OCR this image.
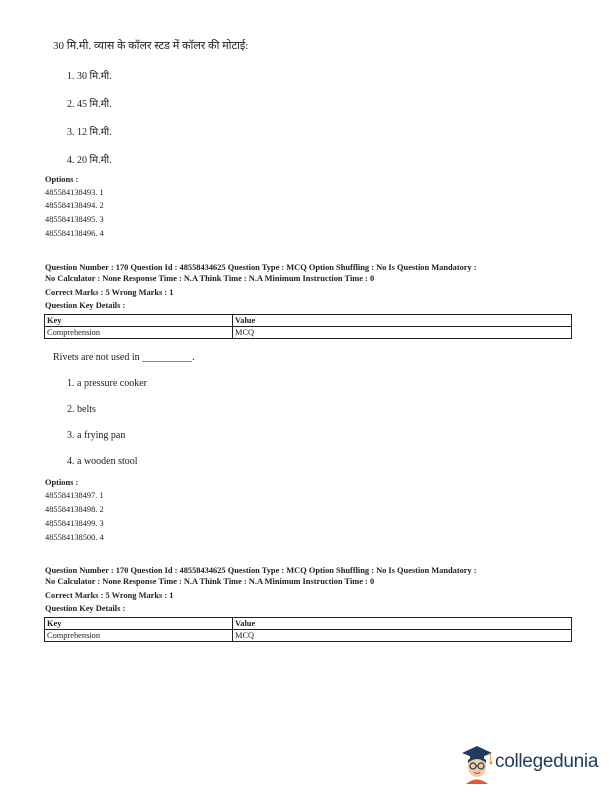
30 मि.मी. व्यास के कॉलर स्टड में कॉलर की मोटाई:
1. 30 मि.मी.
2. 45 मि.मी.
3. 12 मि.मी.
4. 20 मि.मी.
Options :
485584138493. 1
485584138494. 2
485584138495. 3
485584138496. 4
Question Number : 170 Question Id : 48558434625 Question Type : MCQ Option Shuffling : No Is Question Mandatory :
No Calculator : None Response Time : N.A Think Time : N.A Minimum Instruction Time : 0
Correct Marks : 5 Wrong Marks : 1
Question Key Details :
Key	Value
Comprehension	MCQ
Rivets are not used in __________.
1. a pressure cooker
2. belts
3. a frying pan
4. a wooden stool
Options :
485584138497. 1
485584138498. 2
485584138499. 3
485584138500. 4
Question Number : 170 Question Id : 48558434625 Question Type : MCQ Option Shuffling : No Is Question Mandatory :
No Calculator : None Response Time : N.A Think Time : N.A Minimum Instruction Time : 0
Correct Marks : 5 Wrong Marks : 1
Question Key Details :
Key	Value
Comprehension	MCQ
collegedunia
